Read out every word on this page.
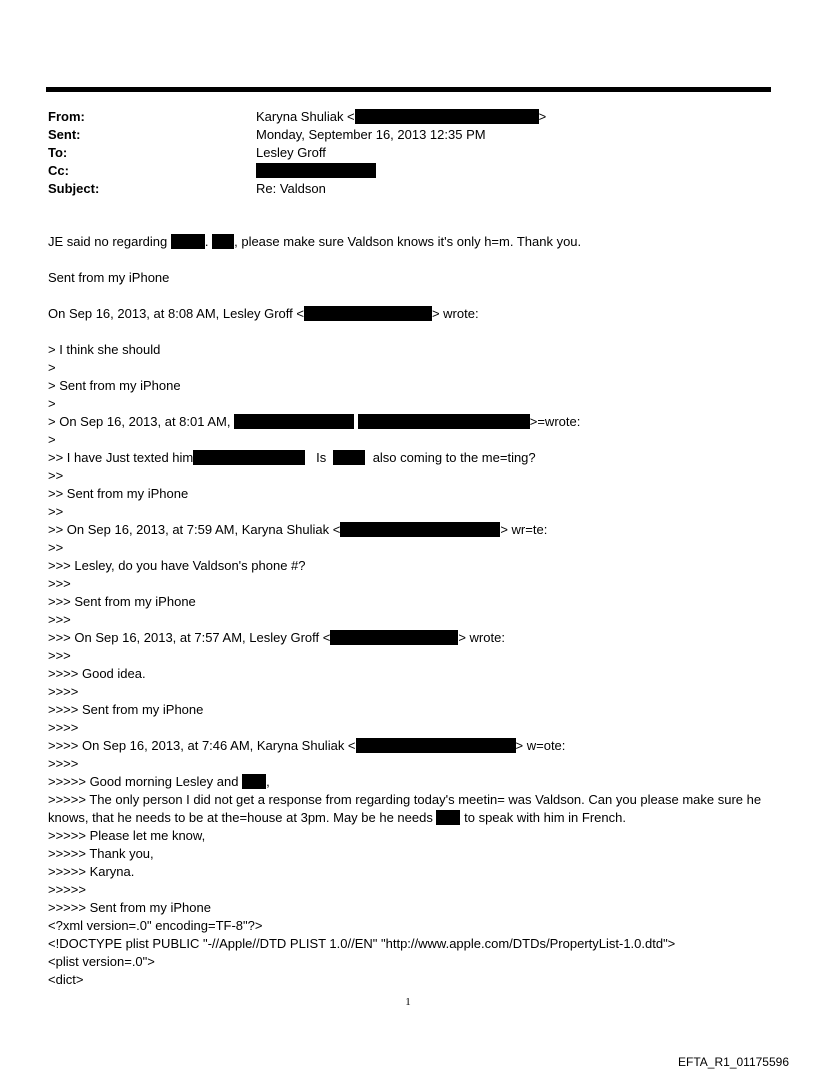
From:	Karyna Shuliak <	>
Sent:	Monday, September 16, 2013 12:35 PM
To:	Lesley Groff
Cc:
Subject:	Re: Valdson
JE said no regarding	. , please make sure Valdson knows it's only h=m. Thank you.
Sent from my iPhone
On Sep 16, 2013, at 8:08 AM, Lesley Groff <	> wrote:
> I think she should
>
> Sent from my iPhone
>
> On Sep 16, 2013, at 8:01 AM,	>=wrote:
>
>> I have Just texted him	Is	also coming to the me=ting?
>>
>> Sent from my iPhone
>>
>> On Sep 16, 2013, at 7:59 AM, Karyna Shuliak <	> wr=te:
>>
>>> Lesley, do you have Valdson's phone #?
>>>
>>> Sent from my iPhone
>>>
>>> On Sep 16, 2013, at 7:57 AM, Lesley Groff <	> wrote:
>>>
>>>> Good idea.
>>>>
>>>> Sent from my iPhone
>>>>
>>>> On Sep 16, 2013, at 7:46 AM, Karyna Shuliak <	> w=ote:
>>>>
>>>>> Good morning Lesley and ,
>>>>> The only person I did not get a response from regarding today's meetin= was Valdson. Can you please make sure he knows, that he needs to be at the=house at 3pm. May be he needs to speak with him in French.
>>>>> Please let me know,
>>>>> Thank you,
>>>>> Karyna.
>>>>>
>>>>> Sent from my iPhone
<?xml version=.0" encoding=TF-8"?>
<!DOCTYPE plist PUBLIC "-//Apple//DTD PLIST 1.0//EN" "http://www.apple.com/DTDs/PropertyList-1.0.dtd">
<plist version=.0">
<dict>
1
EFTA_R1_01175596
